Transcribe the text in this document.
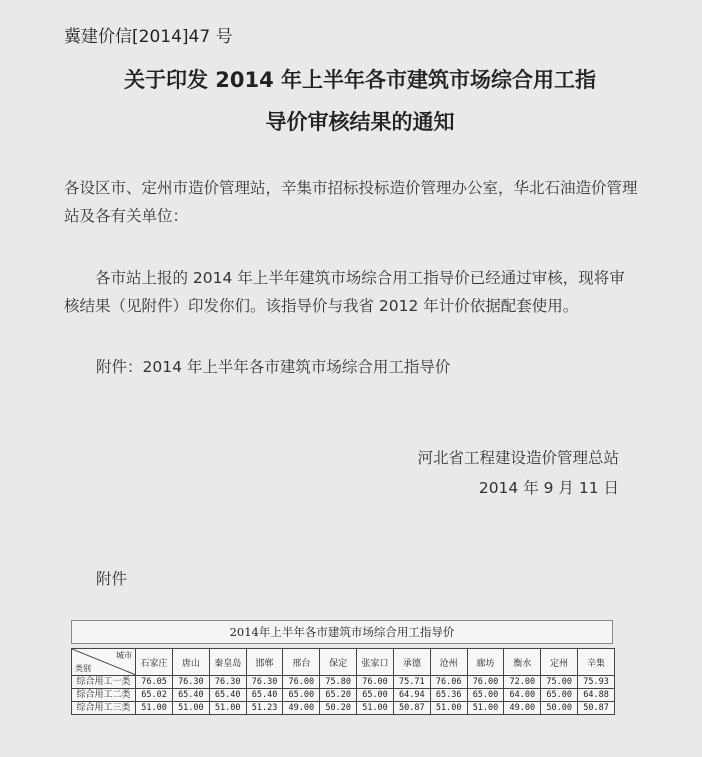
冀建价信[2014]47 号
关于印发 2014 年上半年各市建筑市场综合用工指
导价审核结果的通知
各设区市、定州市造价管理站，辛集市招标投标造价管理办公室，华北石油造价管理站及各有关单位：
各市站上报的 2014 年上半年建筑市场综合用工指导价已经通过审核，现将审核结果（见附件）印发你们。该指导价与我省 2012 年计价依据配套使用。
附件：2014 年上半年各市建筑市场综合用工指导价
河北省工程建设造价管理总站
2014 年 9 月 11 日
附件
2014年上半年各市建筑市场综合用工指导价
城市
类别	石家庄	唐山	秦皇岛	邯郸	邢台	保定	张家口	承德	沧州	廊坊	衡水	定州	辛集
综合用工一类	76.05	76.30	76.30	76.30	76.00	75.80	76.00	75.71	76.06	76.00	72.00	75.00	75.93
综合用工二类	65.02	65.40	65.40	65.40	65.00	65.20	65.00	64.94	65.36	65.00	64.00	65.00	64.88
综合用工三类	51.00	51.00	51.00	51.23	49.00	50.20	51.00	50.87	51.00	51.00	49.00	50.00	50.87
